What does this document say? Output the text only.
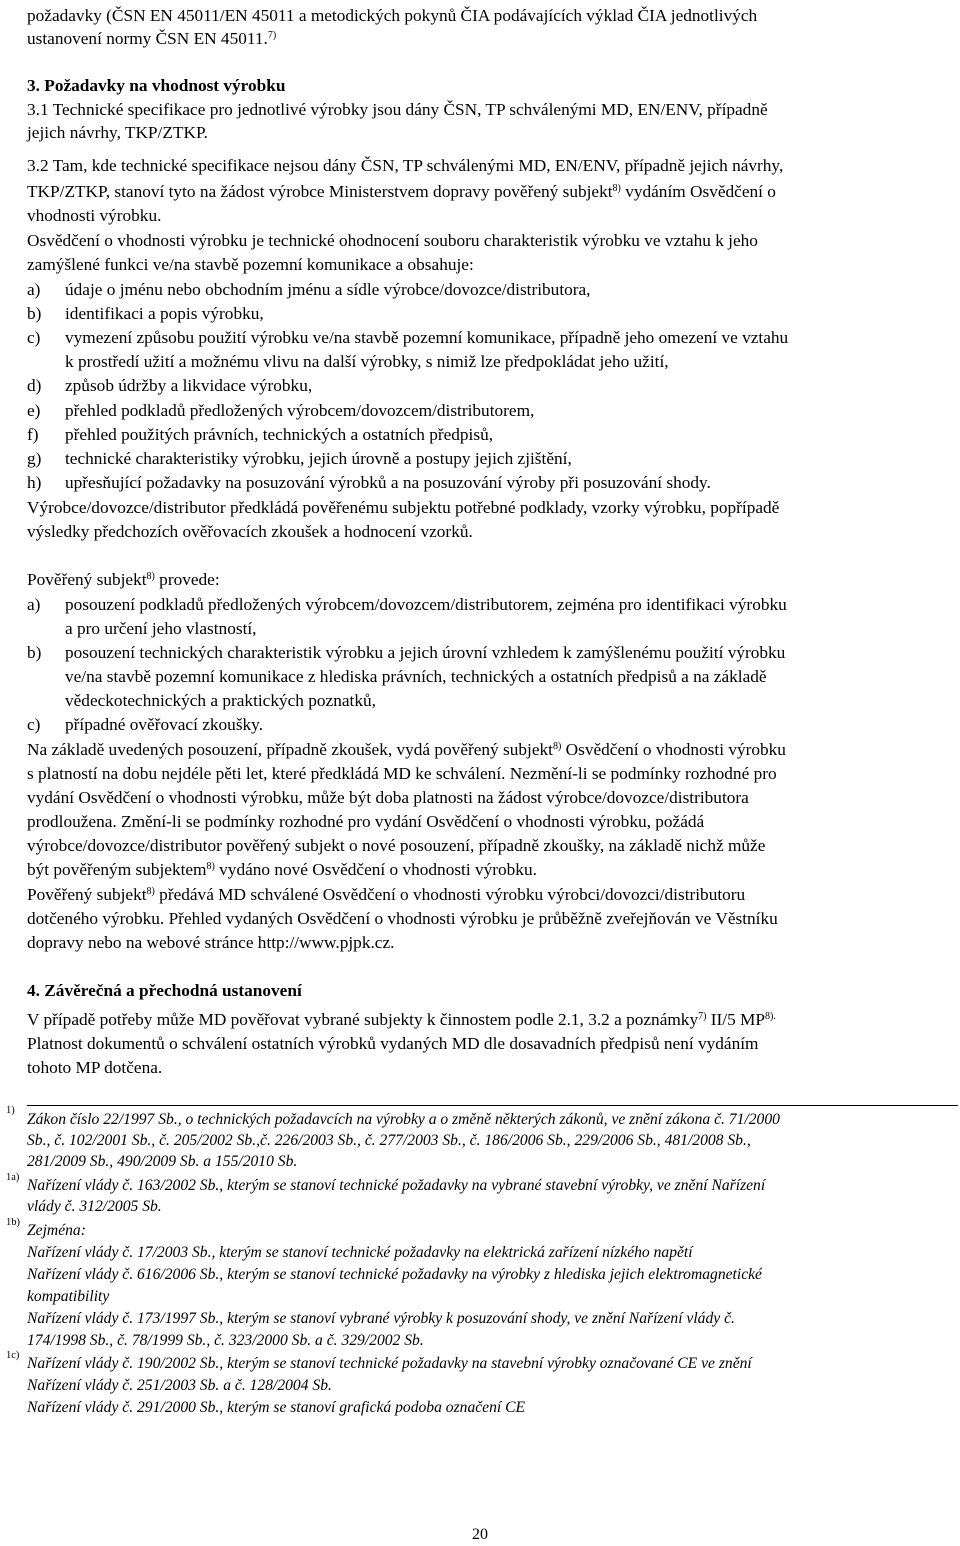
požadavky (ČSN EN 45011/EN 45011 a metodických pokynů ČIA podávajících výklad ČIA jednotlivých
ustanovení normy ČSN EN 45011.$^{7)}$
3. Požadavky na vhodnost výrobku
3.1 Technické specifikace pro jednotlivé výrobky jsou dány ČSN, TP schválenými MD, EN/ENV, případně
jejich návrhy, TKP/ZTKP.
3.2 Tam, kde technické specifikace nejsou dány ČSN, TP schválenými MD, EN/ENV, případně jejich návrhy,
TKP/ZTKP, stanoví tyto na žádost výrobce Ministerstvem dopravy pověřený subjekt$^{8)}$ vydáním Osvědčení o
vhodnosti výrobku.
Osvědčení o vhodnosti výrobku je technické ohodnocení souboru charakteristik výrobku ve vztahu k jeho
zamýšlené funkci ve/na stavbě pozemní komunikace a obsahuje:
a) údaje o jménu nebo obchodním jménu a sídle výrobce/dovozce/distributora,
b) identifikaci a popis výrobku,
c) vymezení způsobu použití výrobku ve/na stavbě pozemní komunikace, případně jeho omezení ve vztahu
k prostředí užití a možnému vlivu na další výrobky, s nimiž lze předpokládat jeho užití,
d) způsob údržby a likvidace výrobku,
e) přehled podkladů předložených výrobcem/dovozcem/distributorem,
f) přehled použitých právních, technických a ostatních předpisů,
g) technické charakteristiky výrobku, jejich úrovně a postupy jejich zjištění,
h) upřesňující požadavky na posuzování výrobků a na posuzování výroby při posuzování shody.
Výrobce/dovozce/distributor předkládá pověřenému subjektu potřebné podklady, vzorky výrobku, popřípadě
výsledky předchozích ověřovacích zkoušek a hodnocení vzorků.
Pověřený subjekt$^{8)}$ provede:
a) posouzení podkladů předložených výrobcem/dovozcem/distributorem, zejména pro identifikaci výrobku
a pro určení jeho vlastností,
b) posouzení technických charakteristik výrobku a jejich úrovní vzhledem k zamýšlenému použití výrobku
ve/na stavbě pozemní komunikace z hlediska právních, technických a ostatních předpisů a na základě
vědeckotechnických a praktických poznatků,
c) případné ověřovací zkoušky.
Na základě uvedených posouzení, případně zkoušek, vydá pověřený subjekt$^{8)}$ Osvědčení o vhodnosti výrobku
s platností na dobu nejdéle pěti let, které předkládá MD ke schválení. Nezmění-li se podmínky rozhodné pro
vydání Osvědčení o vhodnosti výrobku, může být doba platnosti na žádost výrobce/dovozce/distributora
prodloužena. Změní-li se podmínky rozhodné pro vydání Osvědčení o vhodnosti výrobku, požádá
výrobce/dovozce/distributor pověřený subjekt o nové posouzení, případně zkoušky, na základě nichž může
být pověřeným subjektem$^{8)}$ vydáno nové Osvědčení o vhodnosti výrobku.
Pověřený subjekt$^{8)}$ předává MD schválené Osvědčení o vhodnosti výrobku výrobci/dovozci/distributoru
dotčeného výrobku. Přehled vydaných Osvědčení o vhodnosti výrobku je průběžně zveřejňován ve Věstníku
dopravy nebo na webové stránce http://www.pjpk.cz.
4. Závěrečná a přechodná ustanovení
V případě potřeby může MD pověřovat vybrané subjekty k činnostem podle 2.1, 3.2 a poznámky$^{7)}$ II/5 $MP^{8).}$
Platnost dokumentů o schválení ostatních výrobků vydaných MD dle dosavadních předpisů není vydáním
tohoto MP dotčena.
1)
Zákon číslo 22/1997 Sb., o technických požadavcích na výrobky a o změně některých zákonů, ve znění zákona č. 71/2000
Sb., č. 102/2001 Sb., č. 205/2002 Sb.,č. 226/2003 Sb., č. 277/2003 Sb., č. 186/2006 Sb., 229/2006 Sb., 481/2008 Sb.,
281/2009 Sb., 490/2009 Sb. a 155/2010 Sb.
1a) Nařízení vlády č. 163/2002 Sb., kterým se stanoví technické požadavky na vybrané stavební výrobky, ve znění Nařízení
vlády č. 312/2005 Sb.
1b) Zejména:
Nařízení vlády č. 17/2003 Sb., kterým se stanoví technické požadavky na elektrická zařízení nízkého napětí
Nařízení vlády č. 616/2006 Sb., kterým se stanoví technické požadavky na výrobky z hlediska jejich elektromagnetické
kompatibility
Nařízení vlády č. 173/1997 Sb., kterým se stanoví vybrané výrobky k posuzování shody, ve znění Nařízení vlády č.
174/1998 Sb., č. 78/1999 Sb., č. 323/2000 Sb. a č. 329/2002 Sb.
1c) Nařízení vlády č. 190/2002 Sb., kterým se stanoví technické požadavky na stavební výrobky označované CE ve znění
Nařízení vlády č. 251/2003 Sb. a č. 128/2004 Sb.
Nařízení vlády č. 291/2000 Sb., kterým se stanoví grafická podoba označení CE
20
